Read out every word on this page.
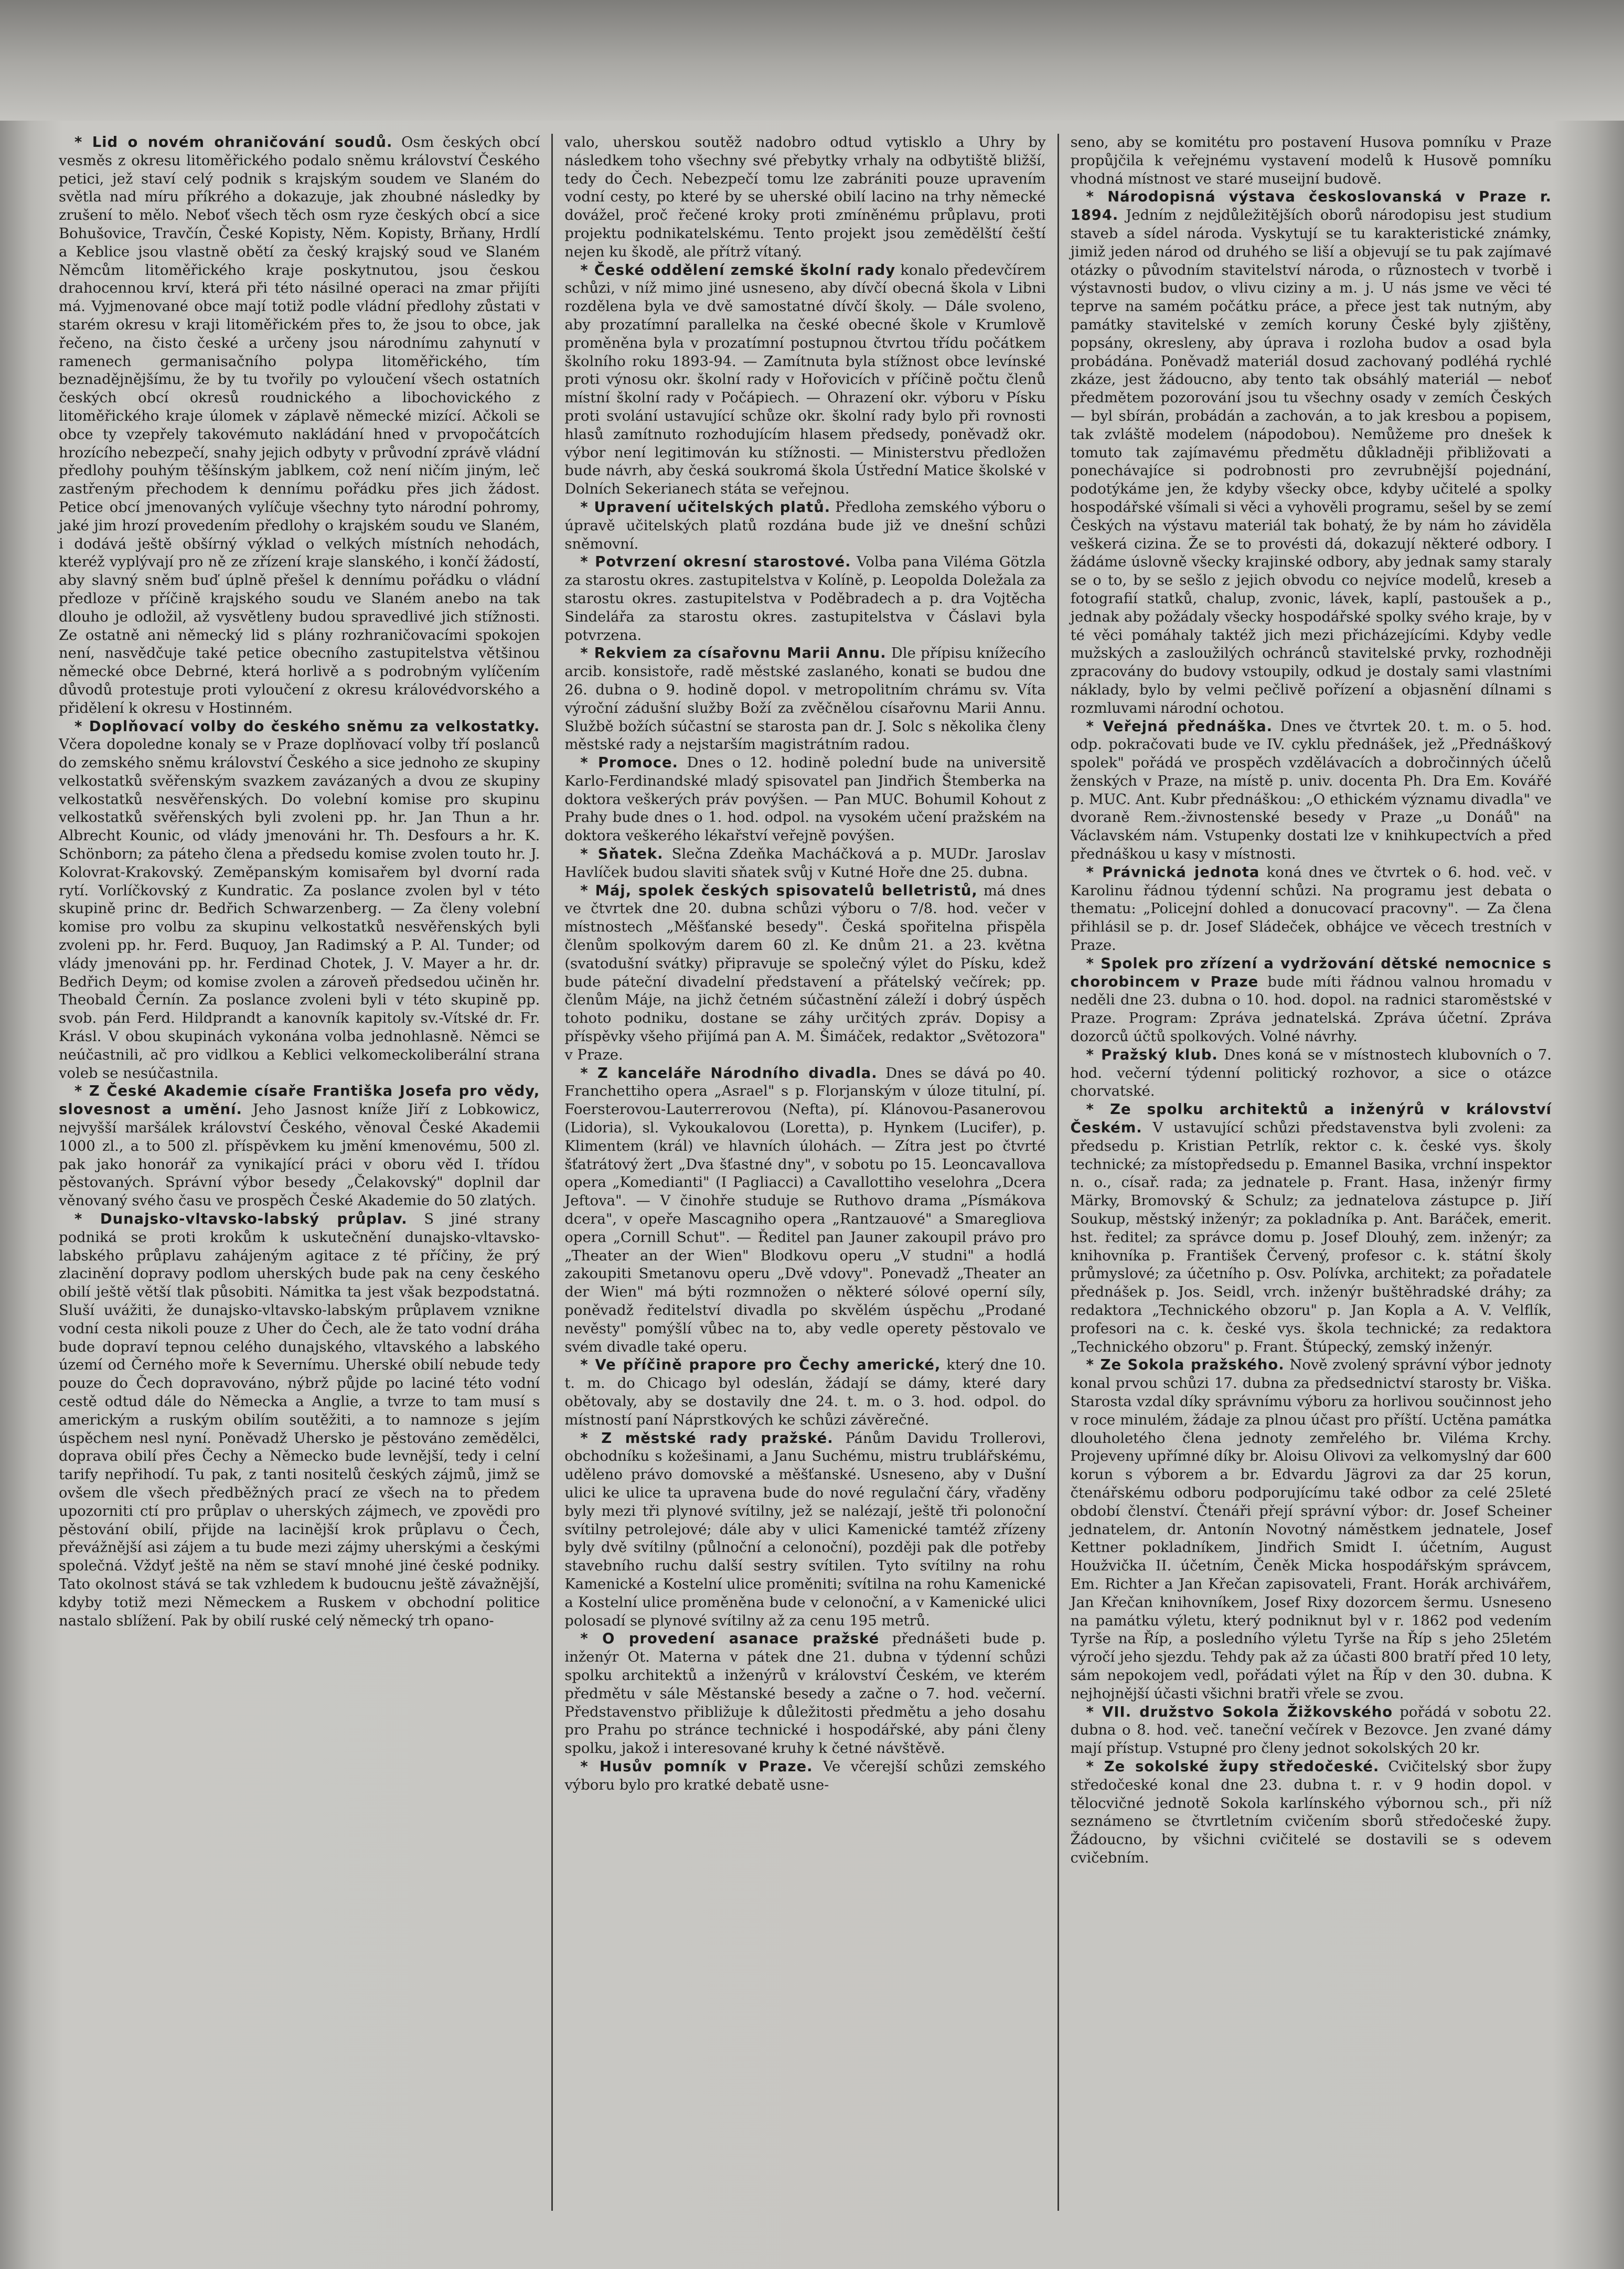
* Lid o novém ohraničování soudů. Osm českých obcí vesměs z okresu litoměřického podalo sněmu království Českého petici, jež staví celý podnik s krajským soudem ve Slaném do světla nad míru příkrého a dokazuje, jak zhoubné následky by zrušení to mělo. Neboť všech těch osm ryze českých obcí a sice Bohušovice, Travčín, České Kopisty, Něm. Kopisty, Brňany, Hrdlí a Keblice jsou vlastně obětí za český krajský soud ve Slaném Němcům litoměřického kraje poskytnutou, jsou českou drahocennou krví, která při této násilné operaci na zmar přijíti má. Vyjmenované obce mají totiž podle vládní předlohy zůstati v starém okresu v kraji litoměřickém přes to, že jsou to obce, jak řečeno, na čisto české a určeny jsou národnímu zahynutí v ramenech germanisačního polypa litoměřického, tím beznadějnějšímu, že by tu tvořily po vyloučení všech ostatních českých obcí okresů roudnického a libochovického z litoměřického kraje úlomek v záplavě německé mizící. Ačkoli se obce ty vzepřely takovémuto nakládání hned v prvopočátcích hrozícího nebezpečí, snahy jejich odbyty v průvodní zprávě vládní předlohy pouhým těšínským jablkem, což není ničím jiným, leč zastřeným přechodem k dennímu pořádku přes jich žádost. Petice obcí jmenovaných vylíčuje všechny tyto národní pohromy, jaké jim hrozí provedením předlohy o krajském soudu ve Slaném, i dodává ještě obšírný výklad o velkých místních nehodách, kteréž vyplývají pro ně ze zřízení kraje slanského, i končí žádostí, aby slavný sněm buď úplně přešel k dennímu pořádku o vládní předloze v příčině krajského soudu ve Slaném anebo na tak dlouho je odložil, až vysvětleny budou spravedlivé jich stížnosti. Ze ostatně ani německý lid s plány rozhraničovacími spokojen není, nasvědčuje také petice obecního zastupitelstva většinou německé obce Debrné, která horlivě a s podrobným vylíčením důvodů protestuje proti vyloučení z okresu královédvorského a přidělení k okresu v Hostinném.

* Doplňovací volby do českého sněmu za velkostatky. Včera dopoledne konaly se v Praze doplňovací volby tří poslanců do zemského sněmu království Českého a sice jednoho ze skupiny velkostatků svěřenským svazkem zavázaných a dvou ze skupiny velkostatků nesvěřenských. Do volební komise pro skupinu velkostatků svěřenských byli zvoleni pp. hr. Jan Thun a hr. Albrecht Kounic, od vlády jmenováni hr. Th. Desfours a hr. K. Schönborn; za páteho člena a předsedu komise zvolen touto hr. J. Kolovrat-Krakovský. Zeměpanským komisařem byl dvorní rada rytí. Vorlíčkovský z Kundratic. Za poslance zvolen byl v této skupině princ dr. Bedřich Schwarzenberg. — Za členy volební komise pro volbu za skupinu velkostatků nesvěřenských byli zvoleni pp. hr. Ferd. Buquoy, Jan Radimský a P. Al. Tunder; od vlády jmenováni pp. hr. Ferdinad Chotek, J. V. Mayer a hr. dr. Bedřich Deym; od komise zvolen a zároveň předsedou učiněn hr. Theobald Černín. Za poslance zvoleni byli v této skupině pp. svob. pán Ferd. Hildprandt a kanovník kapitoly sv.-Vítské dr. Fr. Krásl. V obou skupinách vykonána volba jednohlasně. Němci se neúčastnili, ač pro vidlkou a Keblici velkomeckoliberální strana voleb se nesúčastnila.

* Z České Akademie císaře Františka Josefa pro vědy, slovesnost a umění. Jeho Jasnost kníže Jiří z Lobkowicz, nejvyšší maršálek království Českého, věnoval České Akademii 1000 zl., a to 500 zl. příspěvkem ku jmění kmenovému, 500 zl. pak jako honorář za vynikající práci v oboru věd I. třídou pěstovaných. Správní výbor besedy „Čelakovský" doplnil dar věnovaný svého času ve prospěch České Akademie do 50 zlatých.

* Dunajsko-vltavsko-labský průplav. S jiné strany podniká se proti krokům k uskutečnění dunajsko-vltavsko-labského průplavu zahájeným agitace z té příčiny, že prý zlacinění dopravy podlom uherských bude pak na ceny českého obilí ještě větší tlak působiti. Námitka ta jest však bezpodstatná. Sluší uvážiti, že dunajsko-vltavsko-labským průplavem vznikne vodní cesta nikoli pouze z Uher do Čech, ale že tato vodní dráha bude dopraví tepnou celého dunajského, vltavského a labského území od Černého moře k Severnímu. Uherské obilí nebude tedy pouze do Čech dopravováno, nýbrž půjde po laciné této vodní cestě odtud dále do Německa a Anglie, a tvrze to tam musí s americkým a ruským obilím soutěžiti, a to namnoze s jejím úspěchem nesl nyní. Poněvadž Uhersko je pěstováno zemědělci, doprava obilí přes Čechy a Německo bude levnější, tedy i celní tarify nepřihodí. Tu pak, z tanti nositelů českých zájmů, jimž se ovšem dle všech předběžných prací ze všech na to předem upozorniti ctí pro průplav o uherských zájmech, ve zpovědi pro pěstování obilí, přijde na lacinější krok průplavu o Čech, převážnější asi zájem a tu bude mezi zájmy uherskými a českými společná. Vždyť ještě na něm se staví mnohé jiné české podniky. Tato okolnost stává se tak vzhledem k budoucnu ještě závažnější, kdyby totiž mezi Německem a Ruskem v obchodní politice nastalo sblížení. Pak by obilí ruské celý německý trh opano-

valo, uherskou soutěž nadobro odtud vytisklo a Uhry by následkem toho všechny své přebytky vrhaly na odbytiště bližší, tedy do Čech. Nebezpečí tomu lze zabrániti pouze upravením vodní cesty, po které by se uherské obilí lacino na trhy německé dovážel, proč řečené kroky proti zmíněnému průplavu, proti projektu podnikatelskému. Tento projekt jsou zemědělští čeští nejen ku škodě, ale přítrž vítaný.

* České oddělení zemské školní rady konalo předevčírem schůzi, v níž mimo jiné usneseno, aby dívčí obecná škola v Libni rozdělena byla ve dvě samostatné dívčí školy. — Dále svoleno, aby prozatímní parallelka na české obecné škole v Krumlově proměněna byla v prozatímní postupnou čtvrtou třídu počátkem školního roku 1893-94. — Zamítnuta byla stížnost obce levínské proti výnosu okr. školní rady v Hořovicích v příčině počtu členů místní školní rady v Počápiech. — Ohrazení okr. výboru v Písku proti svolání ustavující schůze okr. školní rady bylo při rovnosti hlasů zamítnuto rozhodujícím hlasem předsedy, poněvadž okr. výbor není legitimován ku stížnosti. — Ministerstvu předložen bude návrh, aby česká soukromá škola Ústřední Matice školské v Dolních Sekerianech státa se veřejnou.

* Upravení učitelských platů. Předloha zemského výboru o úpravě učitelských platů rozdána bude již ve dnešní schůzi sněmovní.

* Potvrzení okresní starostové. Volba pana Viléma Götzla za starostu okres. zastupitelstva v Kolíně, p. Leopolda Doležala za starostu okres. zastupitelstva v Poděbradech a p. dra Vojtěcha Sindelářa za starostu okres. zastupitelstva v Čáslavi byla potvrzena.

* Rekviem za císařovnu Marii Annu. Dle přípisu knížecího arcib. konsistoře, radě městské zaslaného, konati se budou dne 26. dubna o 9. hodině dopol. v metropolitním chrámu sv. Víta výroční zádušní služby Boží za zvěčnělou císařovnu Marii Annu. Službě božích súčastní se starosta pan dr. J. Solc s několika členy městské rady a nejstarším magistrátním radou.

* Promoce. Dnes o 12. hodině polední bude na universitě Karlo-Ferdinandské mladý spisovatel pan Jindřich Štemberka na doktora veškerých práv povýšen. — Pan MUC. Bohumil Kohout z Prahy bude dnes o 1. hod. odpol. na vysokém učení pražském na doktora veškerého lékařství veřejně povýšen.

* Sňatek. Slečna Zdeňka Macháčková a p. MUDr. Jaroslav Havlíček budou slaviti sňatek svůj v Kutné Hoře dne 25. dubna.

* Máj, spolek českých spisovatelů belletristů, má dnes ve čtvrtek dne 20. dubna schůzi výboru o 7/8. hod. večer v místnostech „Měšťanské besedy". Česká spořitelna přispěla členům spolkovým darem 60 zl. Ke dnům 21. a 23. května (svatodušní svátky) připravuje se společný výlet do Písku, kdež bude páteční divadelní představení a přátelský večírek; pp. členům Máje, na jichž četném súčastnění záleží i dobrý úspěch tohoto podniku, dostane se záhy určitých zpráv. Dopisy a příspěvky všeho přijímá pan A. M. Šimáček, redaktor „Světozora" v Praze.

* Z kanceláře Národního divadla. Dnes se dává po 40. Franchettiho opera „Asrael" s p. Florjanským v úloze titulní, pí. Foersterovou-Lauterrerovou (Nefta), pí. Klánovou-Pasanerovou (Lidoria), sl. Vykoukalovou (Loretta), p. Hynkem (Lucifer), p. Klimentem (král) ve hlavních úlohách. — Zítra jest po čtvrté šťatrátový žert „Dva šťastné dny", v sobotu po 15. Leoncavallova opera „Komedianti" (I Pagliacci) a Cavallottiho veselohra „Dcera Jeftova". — V činohře studuje se Ruthovo drama „Písmákova dcera", v opeře Mascagniho opera „Rantzauové" a Smaregliova opera „Cornill Schut". — Ředitel pan Jauner zakoupil právo pro „Theater an der Wien" Blodkovu operu „V studni" a hodlá zakoupiti Smetanovu operu „Dvě vdovy". Ponevadž „Theater an der Wien" má býti rozmnožen o některé sólové operní síly, poněvadž ředitelství divadla po skvělém úspěchu „Prodané nevěsty" pomýšlí vůbec na to, aby vedle operety pěstovalo ve svém divadle také operu.

* Ve příčině prapore pro Čechy americké, který dne 10. t. m. do Chicago byl odeslán, žádají se dámy, které dary obětovaly, aby se dostavily dne 24. t. m. o 3. hod. odpol. do místností paní Náprstkových ke schůzi závěrečné.

* Z městské rady pražské. Pánům Davidu Trollerovi, obchodníku s kožešinami, a Janu Suchému, mistru trublářskému, uděleno právo domovské a měšťanské. Usneseno, aby v Dušní ulici ke ulice ta upravena bude do nové regulační čáry, vřaděny byly mezi tři plynové svítilny, jež se nalézají, ještě tři polonoční svítilny petrolejové; dále aby v ulici Kamenické tamtéž zřízeny byly dvě svítilny (půlnoční a celonoční), později pak dle potřeby stavebního ruchu další sestry svítilen. Tyto svítilny na rohu Kamenické a Kostelní ulice proměniti; svítilna na rohu Kamenické a Kostelní ulice proměněna bude v celonoční, a v Kamenické ulici polosadí se plynové svítilny až za cenu 195 metrů.

* O provedení asanace pražské přednášeti bude p. inženýr Ot. Materna v pátek dne 21. dubna v týdenní schůzi spolku architektů a inženýrů v království Českém, ve kterém předmětu v sále Městanské besedy a začne o 7. hod. večerní. Představenstvo přibližuje k důležitosti předmětu a jeho dosahu pro Prahu po stránce technické i hospodářské, aby páni členy spolku, jakož i interesované kruhy k četné návštěvě.

* Husův pomník v Praze. Ve včerejší schůzi zemského výboru bylo pro kratké debatě usne-

seno, aby se komitétu pro postavení Husova pomníku v Praze propůjčila k veřejnému vystavení modelů k Husově pomníku vhodná místnost ve staré museijní budově.

* Národopisná výstava českoslovanská v Praze r. 1894. Jedním z nejdůležitějších oborů národopisu jest studium staveb a sídel národa. Vyskytují se tu karakteristické známky, jimiž jeden národ od druhého se liší a objevují se tu pak zajímavé otázky o původním stavitelství národa, o různostech v tvorbě i výstavnosti budov, o vlivu ciziny a m. j. U nás jsme ve věci té teprve na samém počátku práce, a přece jest tak nutným, aby památky stavitelské v zemích koruny České byly zjištěny, popsány, okresleny, aby úprava i rozloha budov a osad byla probádána. Poněvadž materiál dosud zachovaný podléhá rychlé zkáze, jest žádoucno, aby tento tak obsáhlý materiál — neboť předmětem pozorování jsou tu všechny osady v zemích Českých — byl sbírán, probádán a zachován, a to jak kresbou a popisem, tak zvláště modelem (nápodobou). Nemůžeme pro dnešek k tomuto tak zajímavému předmětu důkladněji přibližovati a ponechávajíce si podrobnosti pro zevrubnější pojednání, podotýkáme jen, že kdyby všecky obce, kdyby učitelé a spolky hospodářské všímali si věci a vyhověli programu, sešel by se zemí Českých na výstavu materiál tak bohatý, že by nám ho záviděla veškerá cizina. Že se to provésti dá, dokazují některé odbory. I žádáme úslovně všecky krajinské odbory, aby jednak samy staraly se o to, by se sešlo z jejich obvodu co nejvíce modelů, kreseb a fotografií statků, chalup, zvonic, lávek, kaplí, pastoušek a p., jednak aby požádaly všecky hospodářské spolky svého kraje, by v té věci pomáhaly taktéž jich mezi přicházejícími. Kdyby vedle mužských a zasloužilých ochránců stavitelské prvky, rozhodněji zpracovány do budovy vstoupily, odkud je dostaly sami vlastními náklady, bylo by velmi pečlivě pořízení a objasnění dílnami s rozmluvami národní ochotou.

* Veřejná přednáška. Dnes ve čtvrtek 20. t. m. o 5. hod. odp. pokračovati bude ve IV. cyklu přednášek, jež „Přednáškový spolek" pořádá ve prospěch vzdělávacích a dobročinných účelů ženských v Praze, na místě p. univ. docenta Ph. Dra Em. Kovářé p. MUC. Ant. Kubr přednáškou: „O ethickém významu divadla" ve dvoraně Rem.-živnostenské besedy v Praze „u Donáů" na Václavském nám. Vstupenky dostati lze v knihkupectvích a před přednáškou u kasy v místnosti.

* Právnická jednota koná dnes ve čtvrtek o 6. hod. več. v Karolinu řádnou týdenní schůzi. Na programu jest debata o thematu: „Policejní dohled a donucovací pracovny". — Za člena přihlásil se p. dr. Josef Sládeček, obhájce ve věcech trestních v Praze.

* Spolek pro zřízení a vydržování dětské nemocnice s chorobincem v Praze bude míti řádnou valnou hromadu v neděli dne 23. dubna o 10. hod. dopol. na radnici staroměstské v Praze. Program: Zpráva jednatelská. Zpráva účetní. Zpráva dozorců účtů spolkových. Volné návrhy.

* Pražský klub. Dnes koná se v místnostech klubovních o 7. hod. večerní týdenní politický rozhovor, a sice o otázce chorvatské.

* Ze spolku architektů a inženýrů v království Českém. V ustavující schůzi představenstva byli zvoleni: za předsedu p. Kristian Petrlík, rektor c. k. české vys. školy technické; za místopředsedu p. Emannel Basika, vrchní inspektor n. o., císař. rada; za jednatele p. Frant. Hasa, inženýr firmy Märky, Bromovský & Schulz; za jednatelova zástupce p. Jiří Soukup, městský inženýr; za pokladníka p. Ant. Baráček, emerit. hst. ředitel; za správce domu p. Josef Dlouhý, zem. inženýr; za knihovníka p. František Červený, profesor c. k. státní školy průmyslové; za účetního p. Osv. Polívka, architekt; za pořadatele přednášek p. Jos. Seidl, vrch. inženýr buštěhradské dráhy; za redaktora „Technického obzoru" p. Jan Kopla a A. V. Velflík, profesori na c. k. české vys. škola technické; za redaktora „Technického obzoru" p. Frant. Štúpecký, zemský inženýr.

* Ze Sokola pražského. Nově zvolený správní výbor jednoty konal prvou schůzi 17. dubna za předsednictví starosty br. Viška. Starosta vzdal díky správnímu výboru za horlivou součinnost jeho v roce minulém, žádaje za plnou účast pro příští. Uctěna památka dlouholetého člena jednoty zemřelého br. Viléma Krchy. Projeveny upřímné díky br. Aloisu Olivovi za velkomyslný dar 600 korun s výborem a br. Edvardu Jägrovi za dar 25 korun, čtenářskému odboru podporujícímu také odbor za celé 25leté období členství. Čtenáři přejí správní výbor: dr. Josef Scheiner jednatelem, dr. Antonín Novotný náměstkem jednatele, Josef Kettner pokladníkem, Jindřich Smidt I. účetním, August Houžvička II. účetním, Čeněk Micka hospodářským správcem, Em. Richter a Jan Křečan zapisovateli, Frant. Horák archivářem, Jan Křečan knihovníkem, Josef Rixy dozorcem šermu. Usneseno na památku výletu, který podniknut byl v r. 1862 pod vedením Tyrše na Říp, a posledního výletu Tyrše na Říp s jeho 25letém výročí jeho sjezdu. Tehdy pak až za účasti 800 bratří před 10 lety, sám nepokojem vedl, pořádati výlet na Říp v den 30. dubna. K nejhojnější účasti všichni bratři vřele se zvou.

* VII. družstvo Sokola Žižkovského pořádá v sobotu 22. dubna o 8. hod. več. taneční večírek v Bezovce. Jen zvané dámy mají přístup. Vstupné pro členy jednot sokolských 20 kr.

* Ze sokolské župy středočeské. Cvičitelský sbor župy středočeské konal dne 23. dubna t. r. v 9 hodin dopol. v tělocvičné jednotě Sokola karlínského výbornou sch., při níž seznámeno se čtvrtletním cvičením sborů středočeské župy. Žádoucno, by všichni cvičitelé se dostavili se s odevem cvičebním.
